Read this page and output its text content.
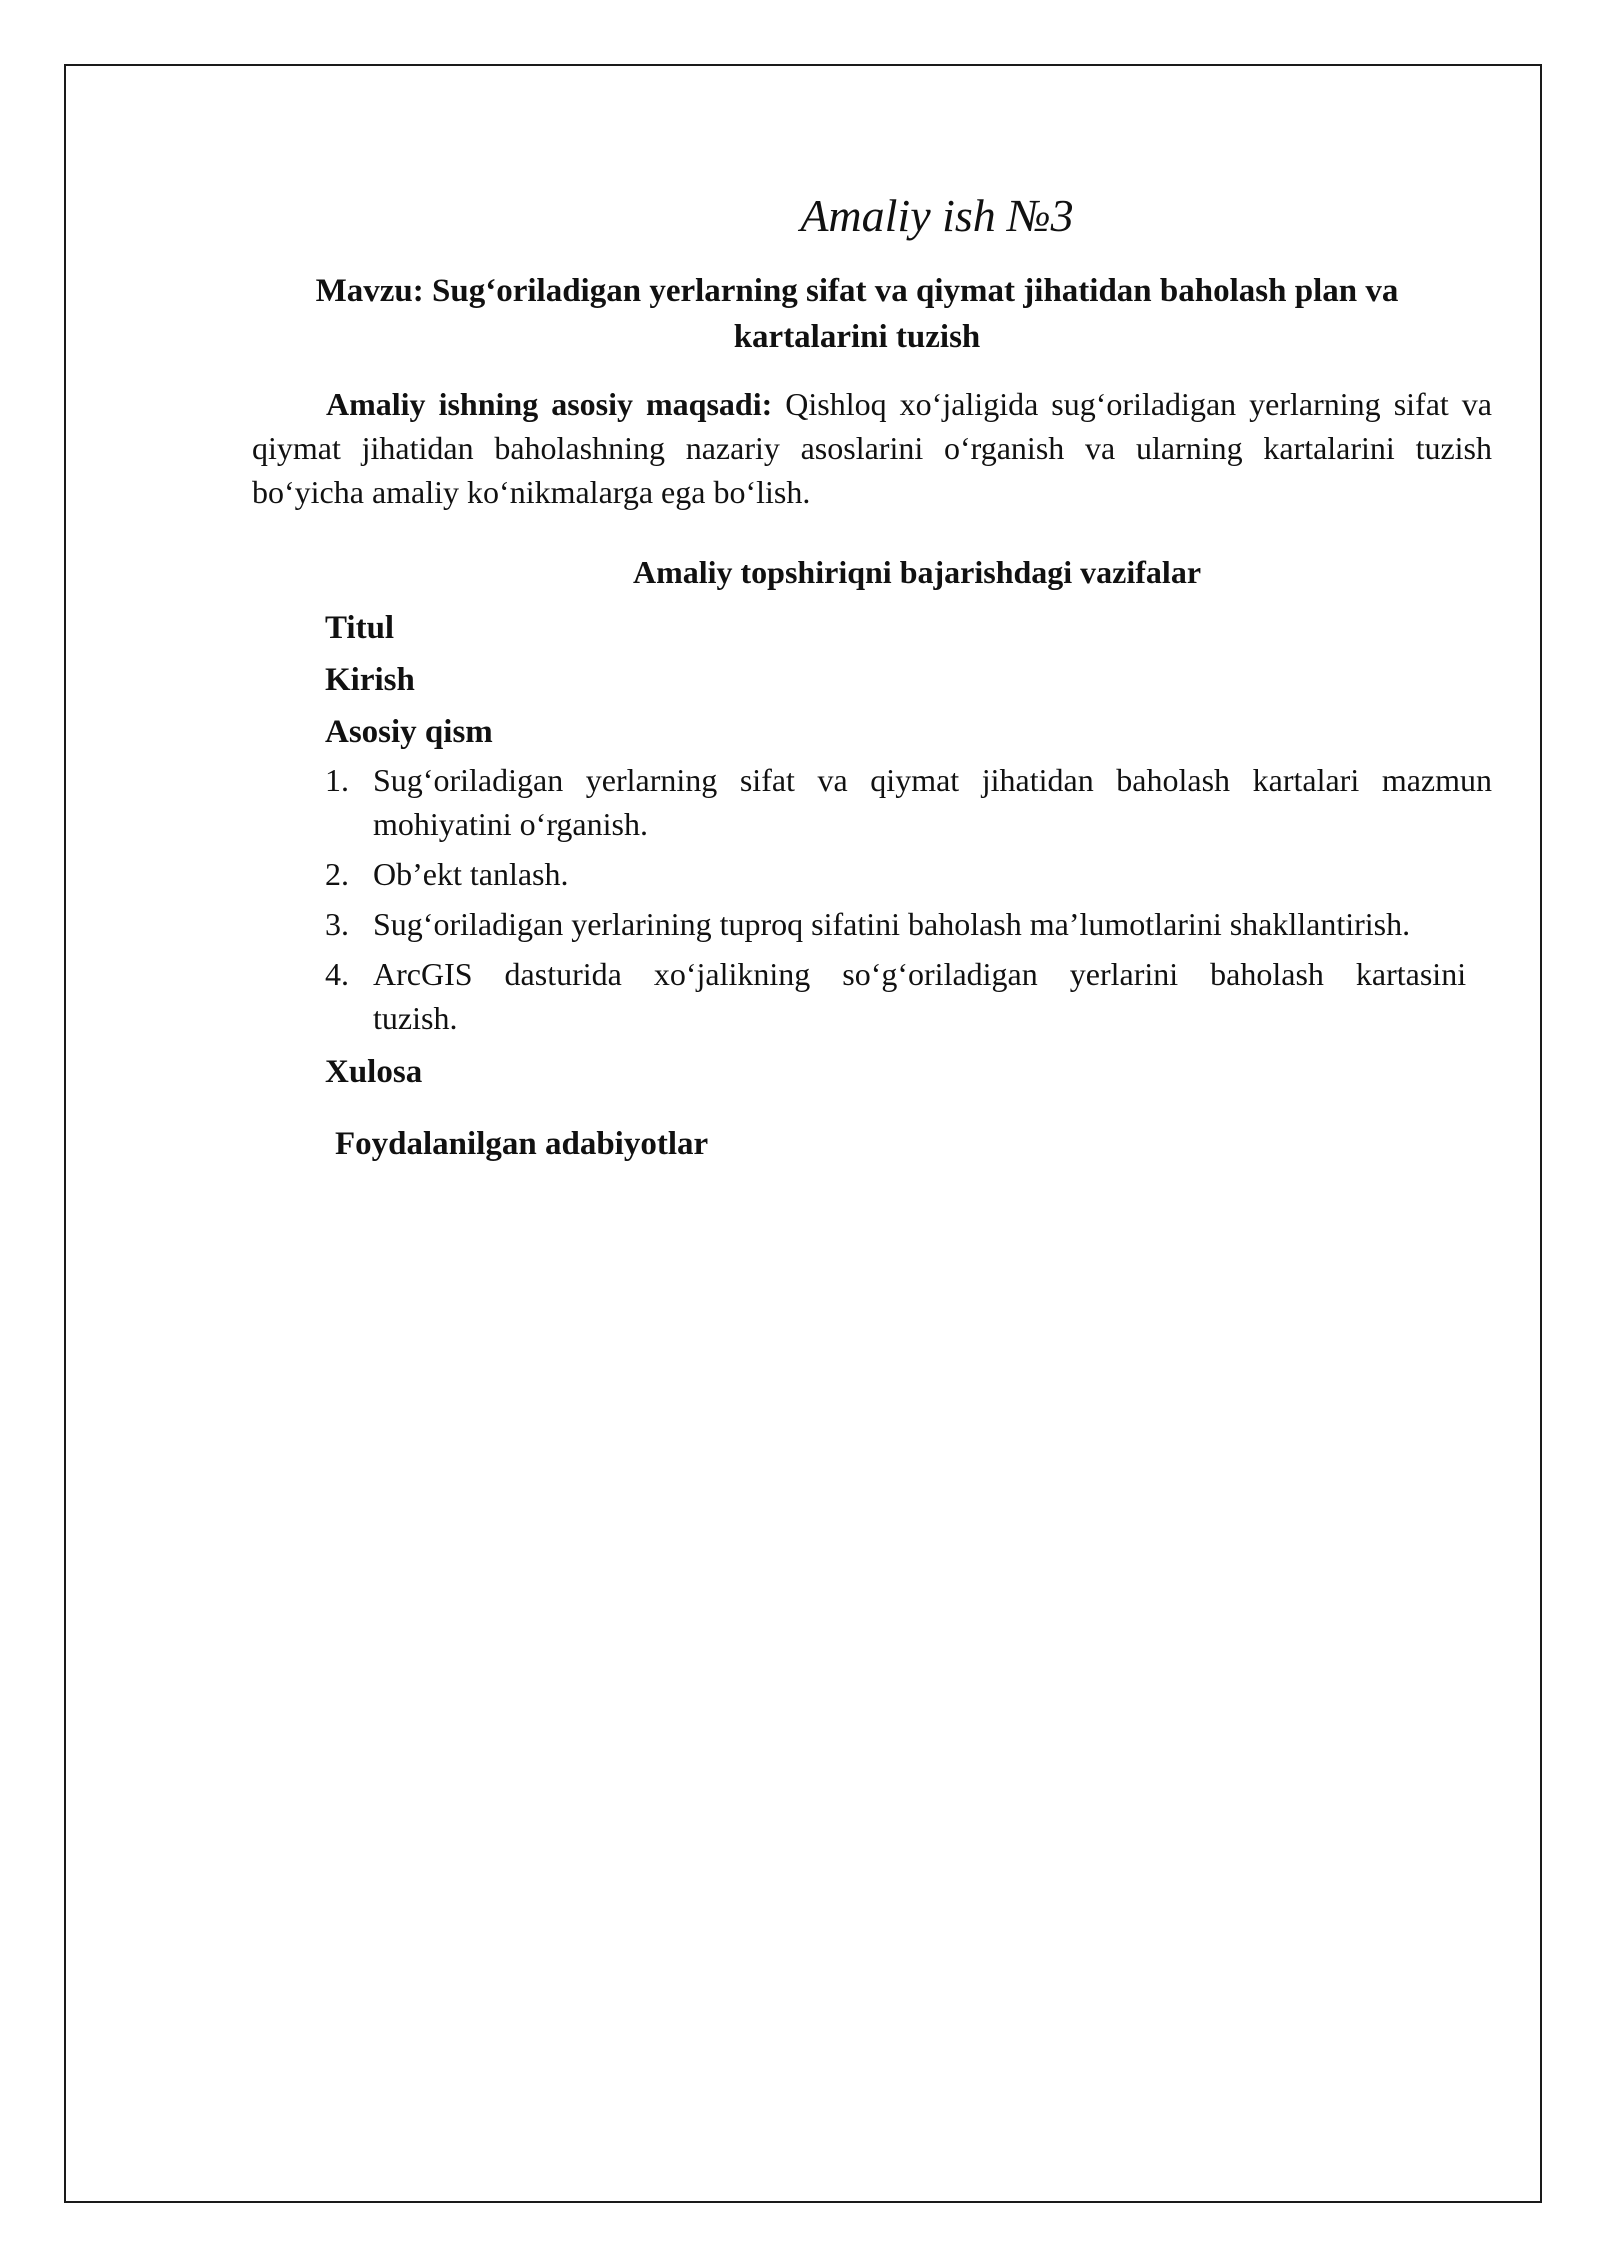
Amaliy ish №3

Mavzu: Sug‘oriladigan yerlarning sifat va qiymat jihatidan baholash plan va kartalarini tuzish

Amaliy ishning asosiy maqsadi: Qishloq xo‘jaligida sug‘oriladigan yerlarning sifat va qiymat jihatidan baholashning nazariy asoslarini o‘rganish va ularning kartalarini tuzish bo‘yicha amaliy ko‘nikmalarga ega bo‘lish.

Amaliy topshiriqni bajarishdagi vazifalar

Titul
Kirish
Asosiy qism
1. Sug‘oriladigan yerlarning sifat va qiymat jihatidan baholash kartalari mazmun mohiyatini o‘rganish.
2. Ob’ekt tanlash.
3. Sug‘oriladigan yerlarining tuproq sifatini baholash ma’lumotlarini shakllantirish.
4. ArcGIS dasturida xo‘jalikning so‘g‘oriladigan yerlarini baholash kartasini tuzish.
Xulosa
Foydalanilgan adabiyotlar
